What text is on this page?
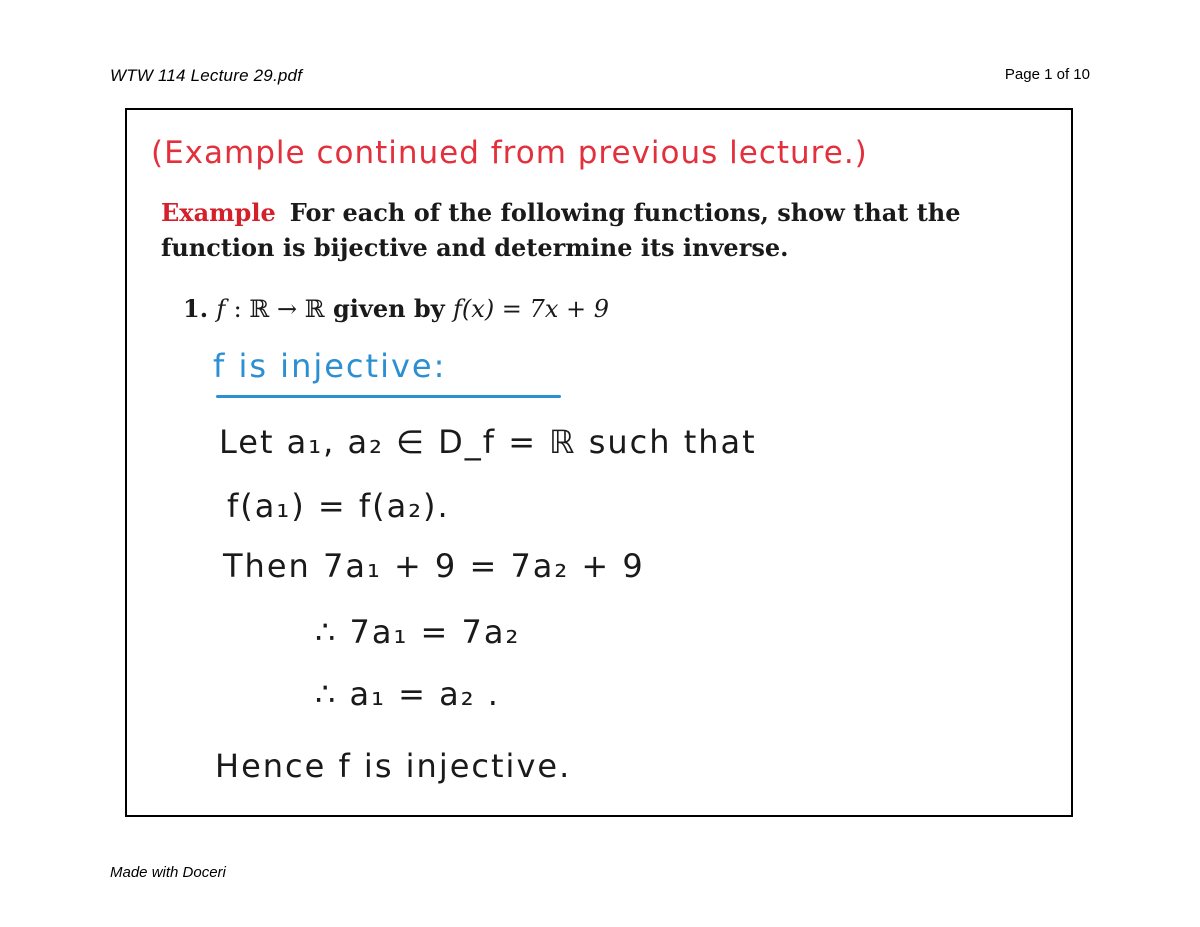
WTW 114 Lecture 29.pdf	Page 1 of 10
(Example continued from previous lecture.)
Example For each of the following functions, show that the
function is bijective and determine its inverse.
1. f : ℝ → ℝ given by f(x) = 7x + 9
f is injective:
Let a₁, a₂ ∈ D_f = ℝ such that
f(a₁) = f(a₂).
Then 7a₁ + 9 = 7a₂ + 9
∴ 7a₁ = 7a₂
∴ a₁ = a₂ .
Hence f is injective.
Made with Doceri
